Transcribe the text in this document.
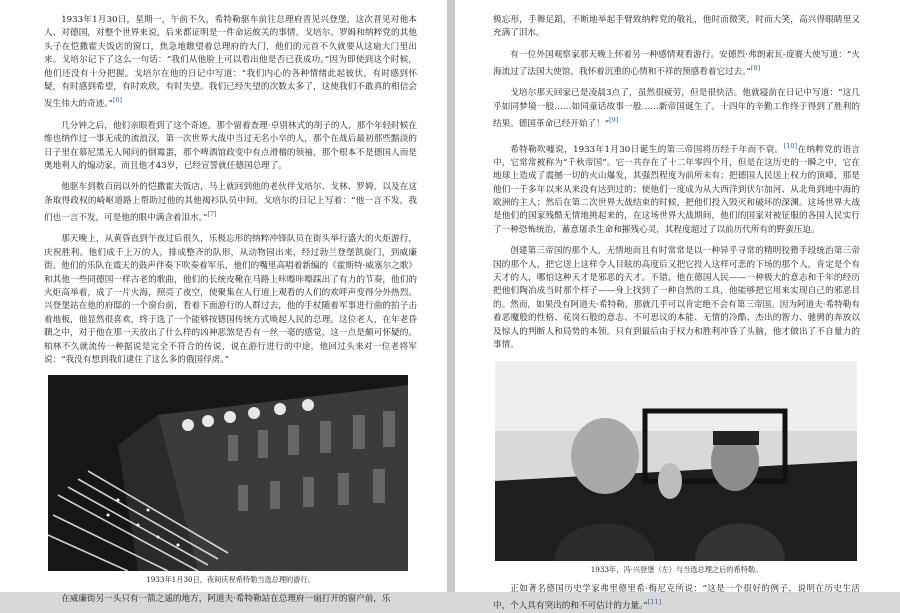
1933年1月30日，星期一，午前不久，希特勒驱车前往总理府晋见兴登堡，这次晋见对他本人、对德国，对整个世界来说，后来都证明是一件命运攸关的事情。戈培尔、罗姆和纳粹党的其他头子在恺撒霍夫饭店的窗口，焦急地瞧望着总理府的大门，他们的元首不久就要从这扇大门里出来。戈培尔记下了这么一句话：“我们从他脸上可以看出他是否已获成功。”因为即使到这个时候，他们还没有十分把握。戈培尔在他的日记中写道：“我们内心的各种情绪此起彼伏，有时感到怀疑，有时感到希望，有时欢欣，有时失望。我们已经失望的次数太多了，这使我们不敢真的相信会发生伟大的奇迹。”[6]

几分钟之后，他们亲眼看到了这个奇迹。那个留着查理·卓别林式的胡子的人，那个年轻时候在维也纳作过一事无成的流浪汉，第一次世界大战中当过无名小卒的人，那个在战后最初那些黯淡的日子里在慕尼黑无人闻问的倒霉蛋，那个啤酒馆政变中有点滑稽的领袖，那个根本不是德国人而是奥地利人的煽动家，而且他才43岁，已经宣誓就任德国总理了。

他驱车到数百码以外的恺撒霍夫饭店，马上就回到他的老伙伴戈培尔、戈林、罗姆，以及在这条取得政权的崎岖道路上帮助过他的其他褐衫队员中间。戈培尔的日记上写着：“他一言不发，我们也一言不发，可是他的眼中满含着泪水。”[7]

那天晚上，从黄昏直到午夜过后很久，乐极忘形的纳粹冲锋队员在街头举行盛大的火炬游行，庆祝胜利。他们成千上万的人，排成整齐的队形，从动物园出来，经过勃兰登堡凯旋门，到威廉街。他们的乐队在震天的鼓声伴奏下吹奏着军乐，他们的嘴里高唱着新编的《霍斯特·威塞尔之歌》和其他一些同德国一样古老的歌曲，他们的长统皮靴在马路上咔嚓咔嚓踩出了有力的节奏，他们的火炬高举着，成了一片火海，照亮了夜空，使聚集在人行道上观看的人们的欢呼声变得分外热烈。兴登堡站在他的府邸的一个窗台前，看着下面游行的人群过去，他的手杖随着军事进行曲的拍子击着地板，他显然很喜欢，终于选了一个能够按德国传统方式唤起人民的总理。这位老人，在年老昏聩之中，对于他在那一天放出了什么样的凶神恶煞是否有一丝一毫的感觉，这一点是颇可怀疑的。柏林不久就流传一种据说是完全不符合的传说，说在游行进行的中途，他回过头来对一位老将军说：“我没有想到我们逮住了这么多的俄国俘虏。”

1933年1月30日，夜间庆祝希特勒当选总理的游行。

在威廉街另一头只有一箭之遥的地方，阿道夫·希特勒站在总理府一扇打开的窗户前，乐

极忘形，手舞足蹈，不断地举起手臂致纳粹党的敬礼，他时而微笑，时而大笑，高兴得眼睛里又充满了泪水。

有一位外国观察家那天晚上怀着另一种感情观看游行。安德烈·弗朗索瓦-庞赛大使写道：“火海流过了法国大使馆，我怀着沉重的心情和不祥的预感看着它过去。”[8]

戈培尔那天回家已是凌晨3点了，虽然很疲劳，但是很快活。他就寝前在日记中写道：“这几乎如同梦境一般……如同童话故事一般……新帝国诞生了。十四年的辛勤工作终于得到了胜利的结果。德国革命已经开始了！”[9]

希特勒吹嘘说，1933年1月30日诞生的第三帝国将历经千年而不衰。[10]在纳粹党的语言中，它常常被称为“千秋帝国”。它一共存在了十二年零四个月，但是在这历史的一瞬之中，它在地球上造成了震撼一切的火山爆发，其强烈程度为前所未有；把德国人民送上权力的顶峰，那是他们一千多年以来从来没有达到过的；使他们一度成为从大西洋到伏尔加河、从北角到地中海的欧洲的主人；然后在第二次世界大战结束的时候，把他们投入毁灭和破坏的深渊。这场世界大战是他们的国家残酷无情地挑起来的，在这场世界大战期间，他们的国家对被征服的各国人民实行了一种恐怖统治，蓄意屠杀生命和摧残心灵，其程度超过了以前历代所有的野蛮压迫。

创建第三帝国的那个人，无情地而且有时常常是以一种异乎寻常的精明狡猾手段统治第三帝国的那个人，把它送上这样令人目眩的高度后又把它投入这样可悲的下场的那个人，肯定是个有天才的人，哪怕这种天才是邪恶的天才。不错，他在德国人民——一种极大的意志和千年的经历把他们陶冶成当时那个样子——身上找到了一种自然的工具，他能够把它用来实现自己的邪恶目的。然而，如果没有阿道夫·希特勒，那就几乎可以肯定绝不会有第三帝国。因为阿道夫·希特勒有着恶魔般的性格、花岗石般的意志、不可思议的本能、无情的冷酷、杰出的智力、驰骋的奔放以及惊人的判断人和局势的本领。只有到最后由于权力和胜利冲昏了头脑，他才做出了不自量力的事情。

1933年，冯·兴登堡（左）与当选总理之后的希特勒。

正如著名德国历史学家弗里德里希·梅尼克所说：“这是一个很好的例子，说明在历史生活中，个人具有突出的和不可估计的力量。”[11]
